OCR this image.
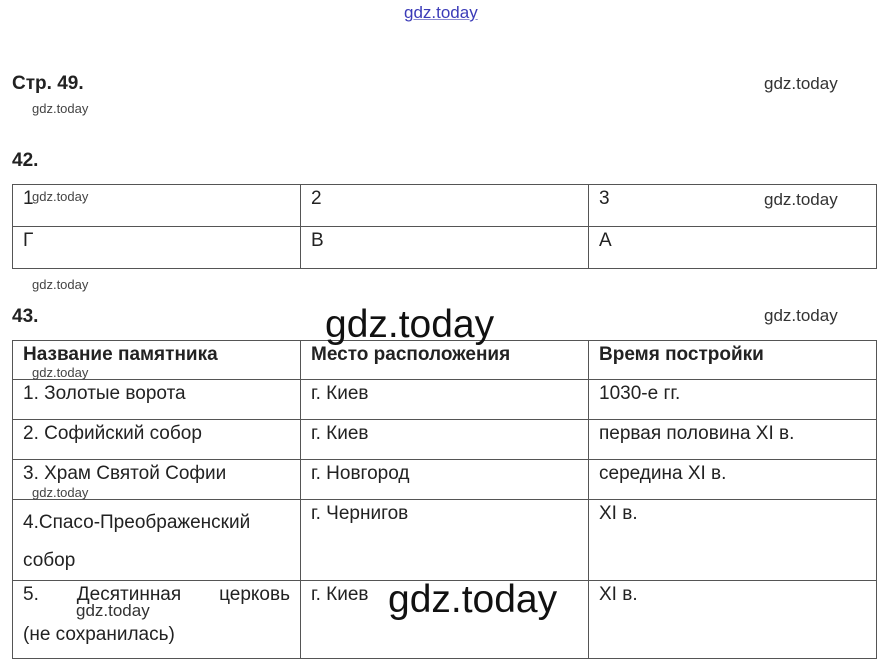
gdz.today
gdz.today
gdz.today
Стр. 49.
42.
1	2	3
Г	В	А
gdz.today	gdz.today
gdz.today
43.	gdz.today
Название памятника	Место расположения	Время постройки
1. Золотые ворота	г. Киев	1030-е гг.
2. Софийский собор	г. Киев	первая половина XI в.
3. Храм Святой Софии	г. Новгород	середина XI в.

4.Спасо-Преображенский
собор	г. Чернигов	XI в.

5. Десятинная церковь
(не сохранилась)	г. Киев	XI в.
gdz.today
gdz.today
gdz.today
gdz.today
gdz.today
